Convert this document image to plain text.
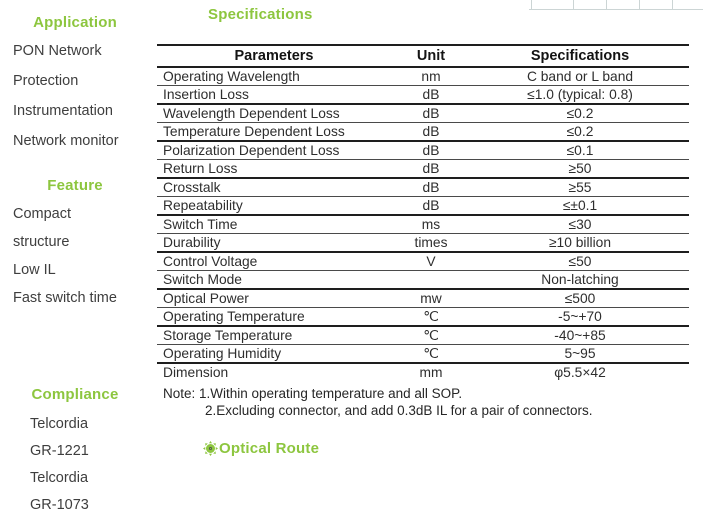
Application
PON Network
Protection
Instrumentation
Network monitor
Feature
Compact
structure
Low IL
Fast switch time
Compliance
Telcordia
GR-1221
Telcordia
GR-1073
Specifications
Parameters	Unit	Specifications
Operating Wavelength	nm	C band or L band
Insertion Loss	dB	≤1.0 (typical: 0.8)
Wavelength Dependent Loss	dB	≤0.2
Temperature Dependent Loss	dB	≤0.2
Polarization Dependent Loss	dB	≤0.1
Return Loss	dB	≥50
Crosstalk	dB	≥55
Repeatability	dB	≤±0.1
Switch Time	ms	≤30
Durability	times	≥10 billion
Control Voltage	V	≤50
Switch Mode		Non-latching
Optical Power	mw	≤500
Operating Temperature	℃	-5~+70
Storage Temperature	℃	-40~+85
Operating Humidity	℃	5~95
Dimension	mm	φ5.5×42
Note: 1.Within operating temperature and all SOP.
2.Excluding connector, and add 0.3dB IL for a pair of connectors.
Optical Route
